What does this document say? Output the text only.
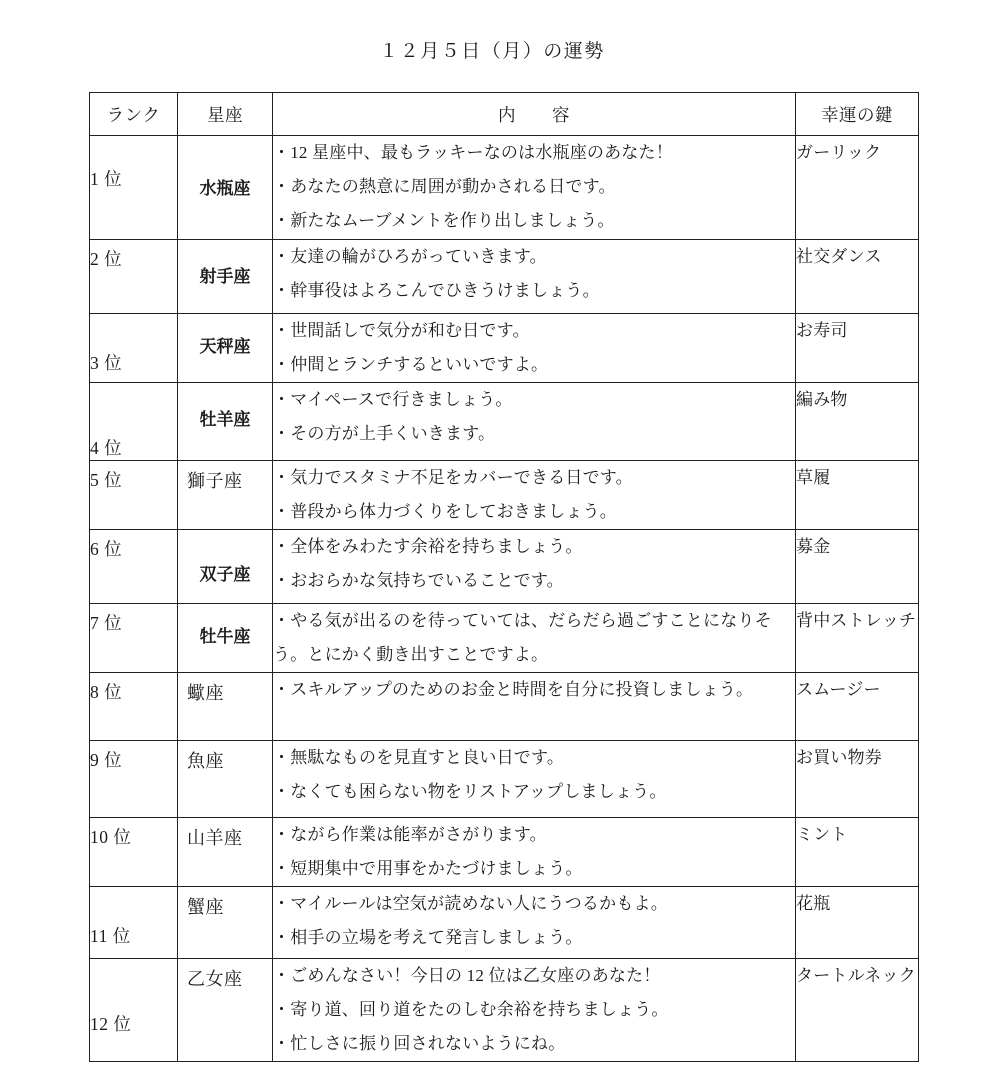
１２月５日（月）の運勢
ランク	星座	内　　容	幸運の鍵

1 位	水瓶座	・12 星座中、最もラッキーなのは水瓶座のあなた！
・あなたの熱意に周囲が動かされる日です。
・新たなムーブメントを作り出しましょう。	ガーリック

2 位	射手座	・友達の輪がひろがっていきます。
・幹事役はよろこんでひきうけましょう。	社交ダンス

3 位	天秤座	・世間話しで気分が和む日です。
・仲間とランチするといいですよ。	お寿司

4 位	牡羊座	・マイペースで行きましょう。
・その方が上手くいきます。	編み物

5 位	獅子座	・気力でスタミナ不足をカバーできる日です。
・普段から体力づくりをしておきましょう。	草履

6 位	双子座	・全体をみわたす余裕を持ちましょう。
・おおらかな気持ちでいることです。	募金

7 位	牡牛座	・やる気が出るのを待っていては、だらだら過ごすことになりそう。とにかく動き出すことですよ。	背中ストレッチ

8 位	蠍座	・スキルアップのためのお金と時間を自分に投資しましょう。	スムージー

9 位	魚座	・無駄なものを見直すと良い日です。
・なくても困らない物をリストアップしましょう。	お買い物券

10 位	山羊座	・ながら作業は能率がさがります。
・短期集中で用事をかたづけましょう。	ミント

11 位	蟹座	・マイルールは空気が読めない人にうつるかもよ。
・相手の立場を考えて発言しましょう。	花瓶

12 位	乙女座	・ごめんなさい！今日の 12 位は乙女座のあなた！
・寄り道、回り道をたのしむ余裕を持ちましょう。
・忙しさに振り回されないようにね。	タートルネック
